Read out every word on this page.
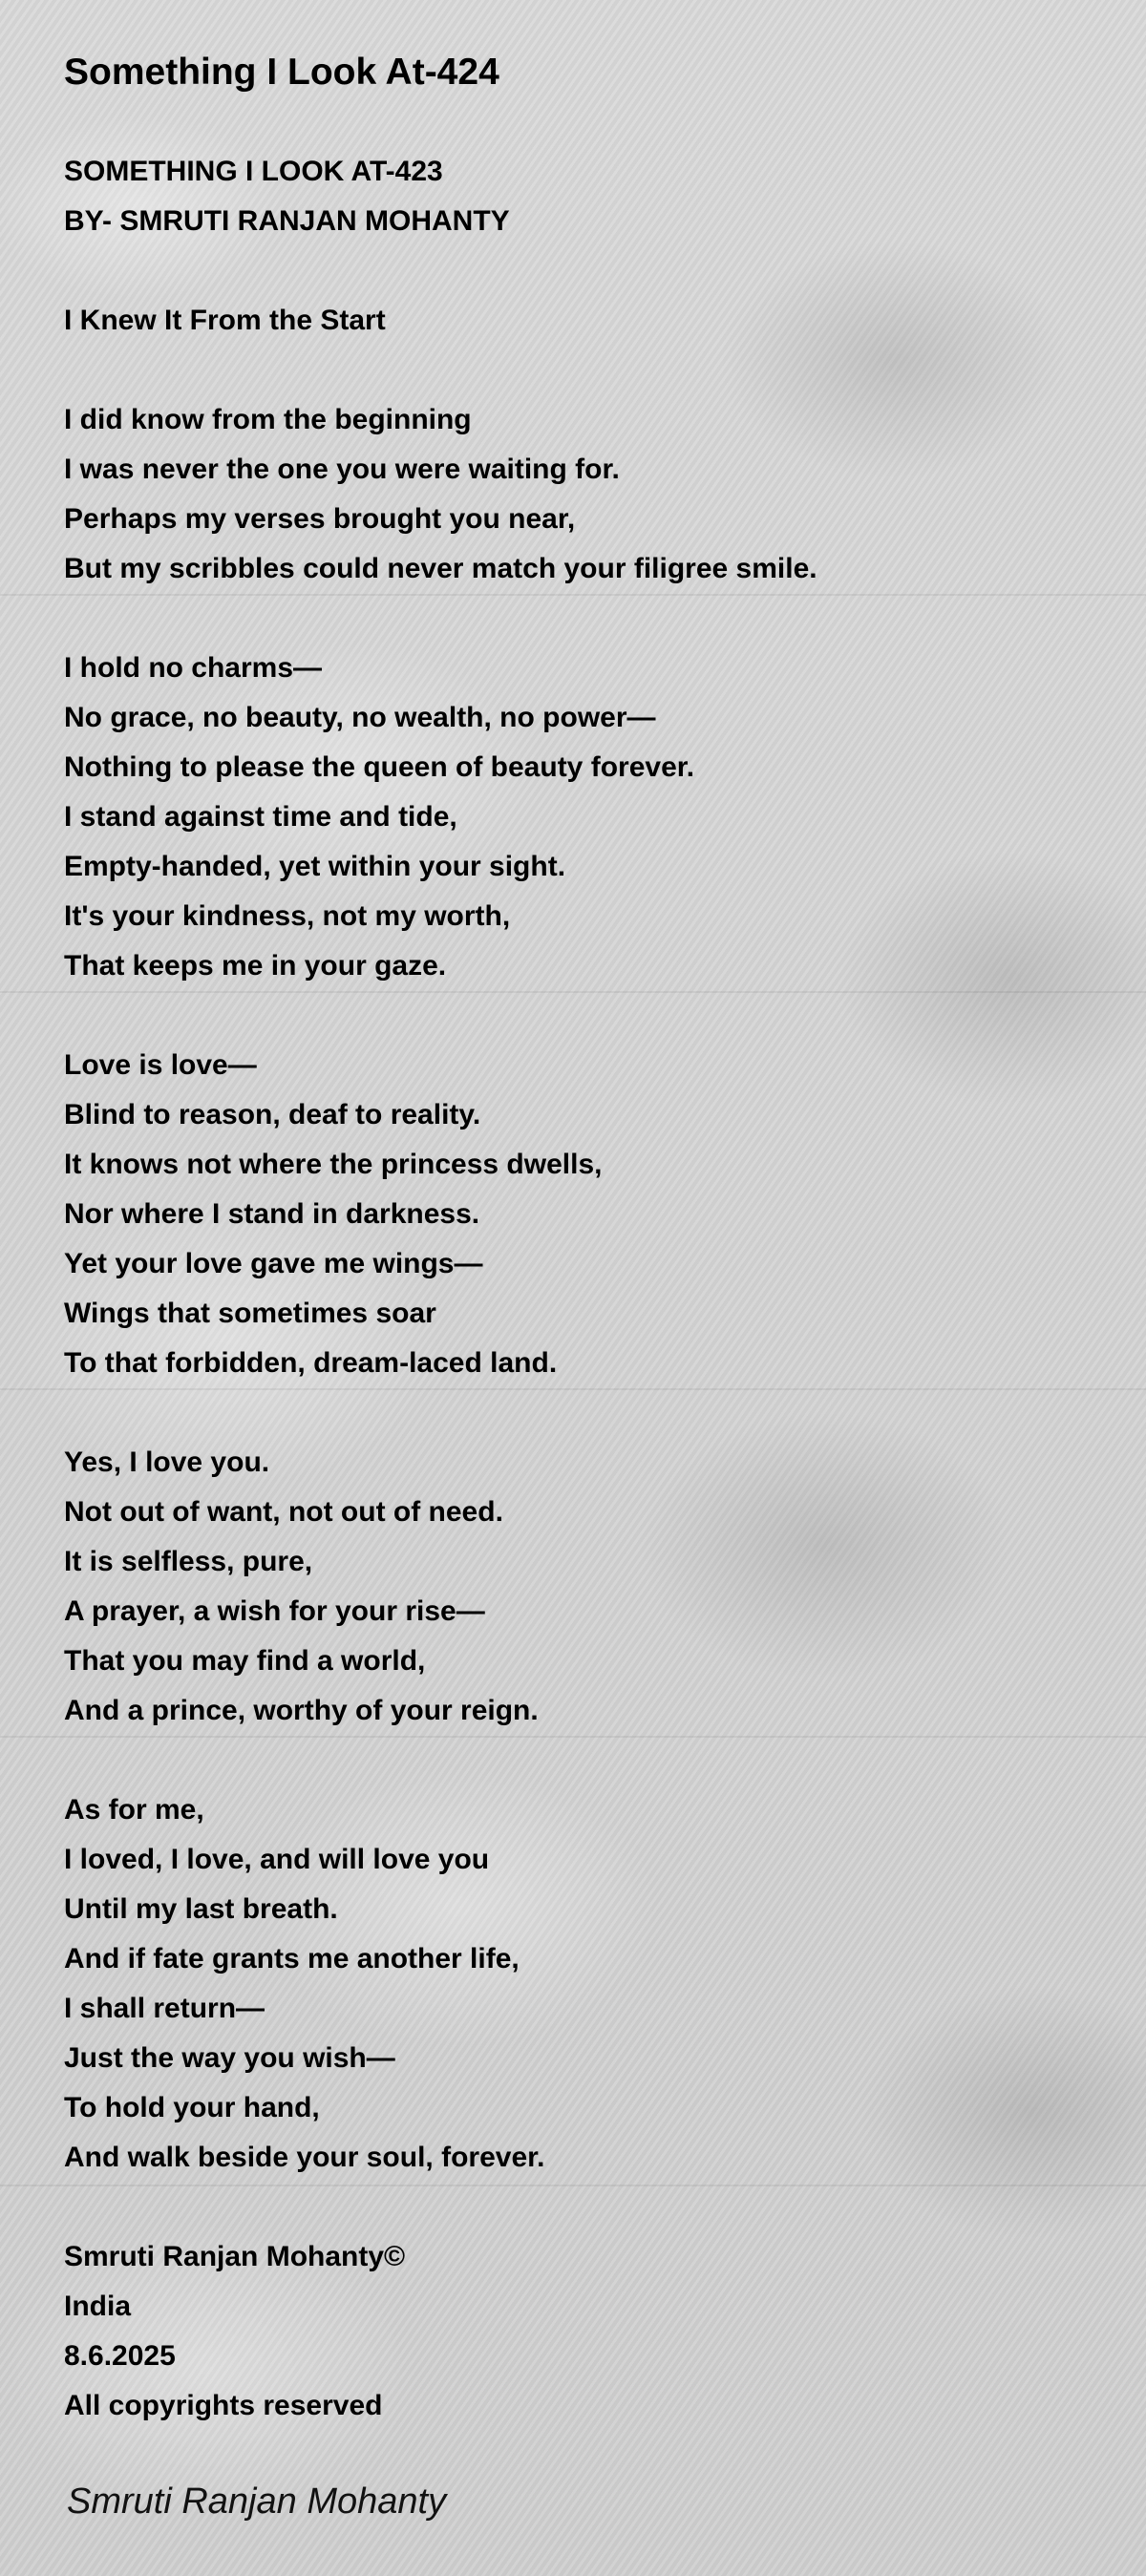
Something I Look At-424
SOMETHING I LOOK AT-423
BY- SMRUTI RANJAN MOHANTY
I Knew It From the Start
I did know from the beginning
I was never the one you were waiting for.
Perhaps my verses brought you near,
But my scribbles could never match your filigree smile.
I hold no charms—
No grace, no beauty, no wealth, no power—
Nothing to please the queen of beauty forever.
I stand against time and tide,
Empty-handed, yet within your sight.
It's your kindness, not my worth,
That keeps me in your gaze.
Love is love—
Blind to reason, deaf to reality.
It knows not where the princess dwells,
Nor where I stand in darkness.
Yet your love gave me wings—
Wings that sometimes soar
To that forbidden, dream-laced land.
Yes, I love you.
Not out of want, not out of need.
It is selfless, pure,
A prayer, a wish for your rise—
That you may find a world,
And a prince, worthy of your reign.
As for me,
I loved, I love, and will love you
Until my last breath.
And if fate grants me another life,
I shall return—
Just the way you wish—
To hold your hand,
And walk beside your soul, forever.
Smruti Ranjan Mohanty©
India
8.6.2025
All copyrights reserved
Smruti Ranjan Mohanty
